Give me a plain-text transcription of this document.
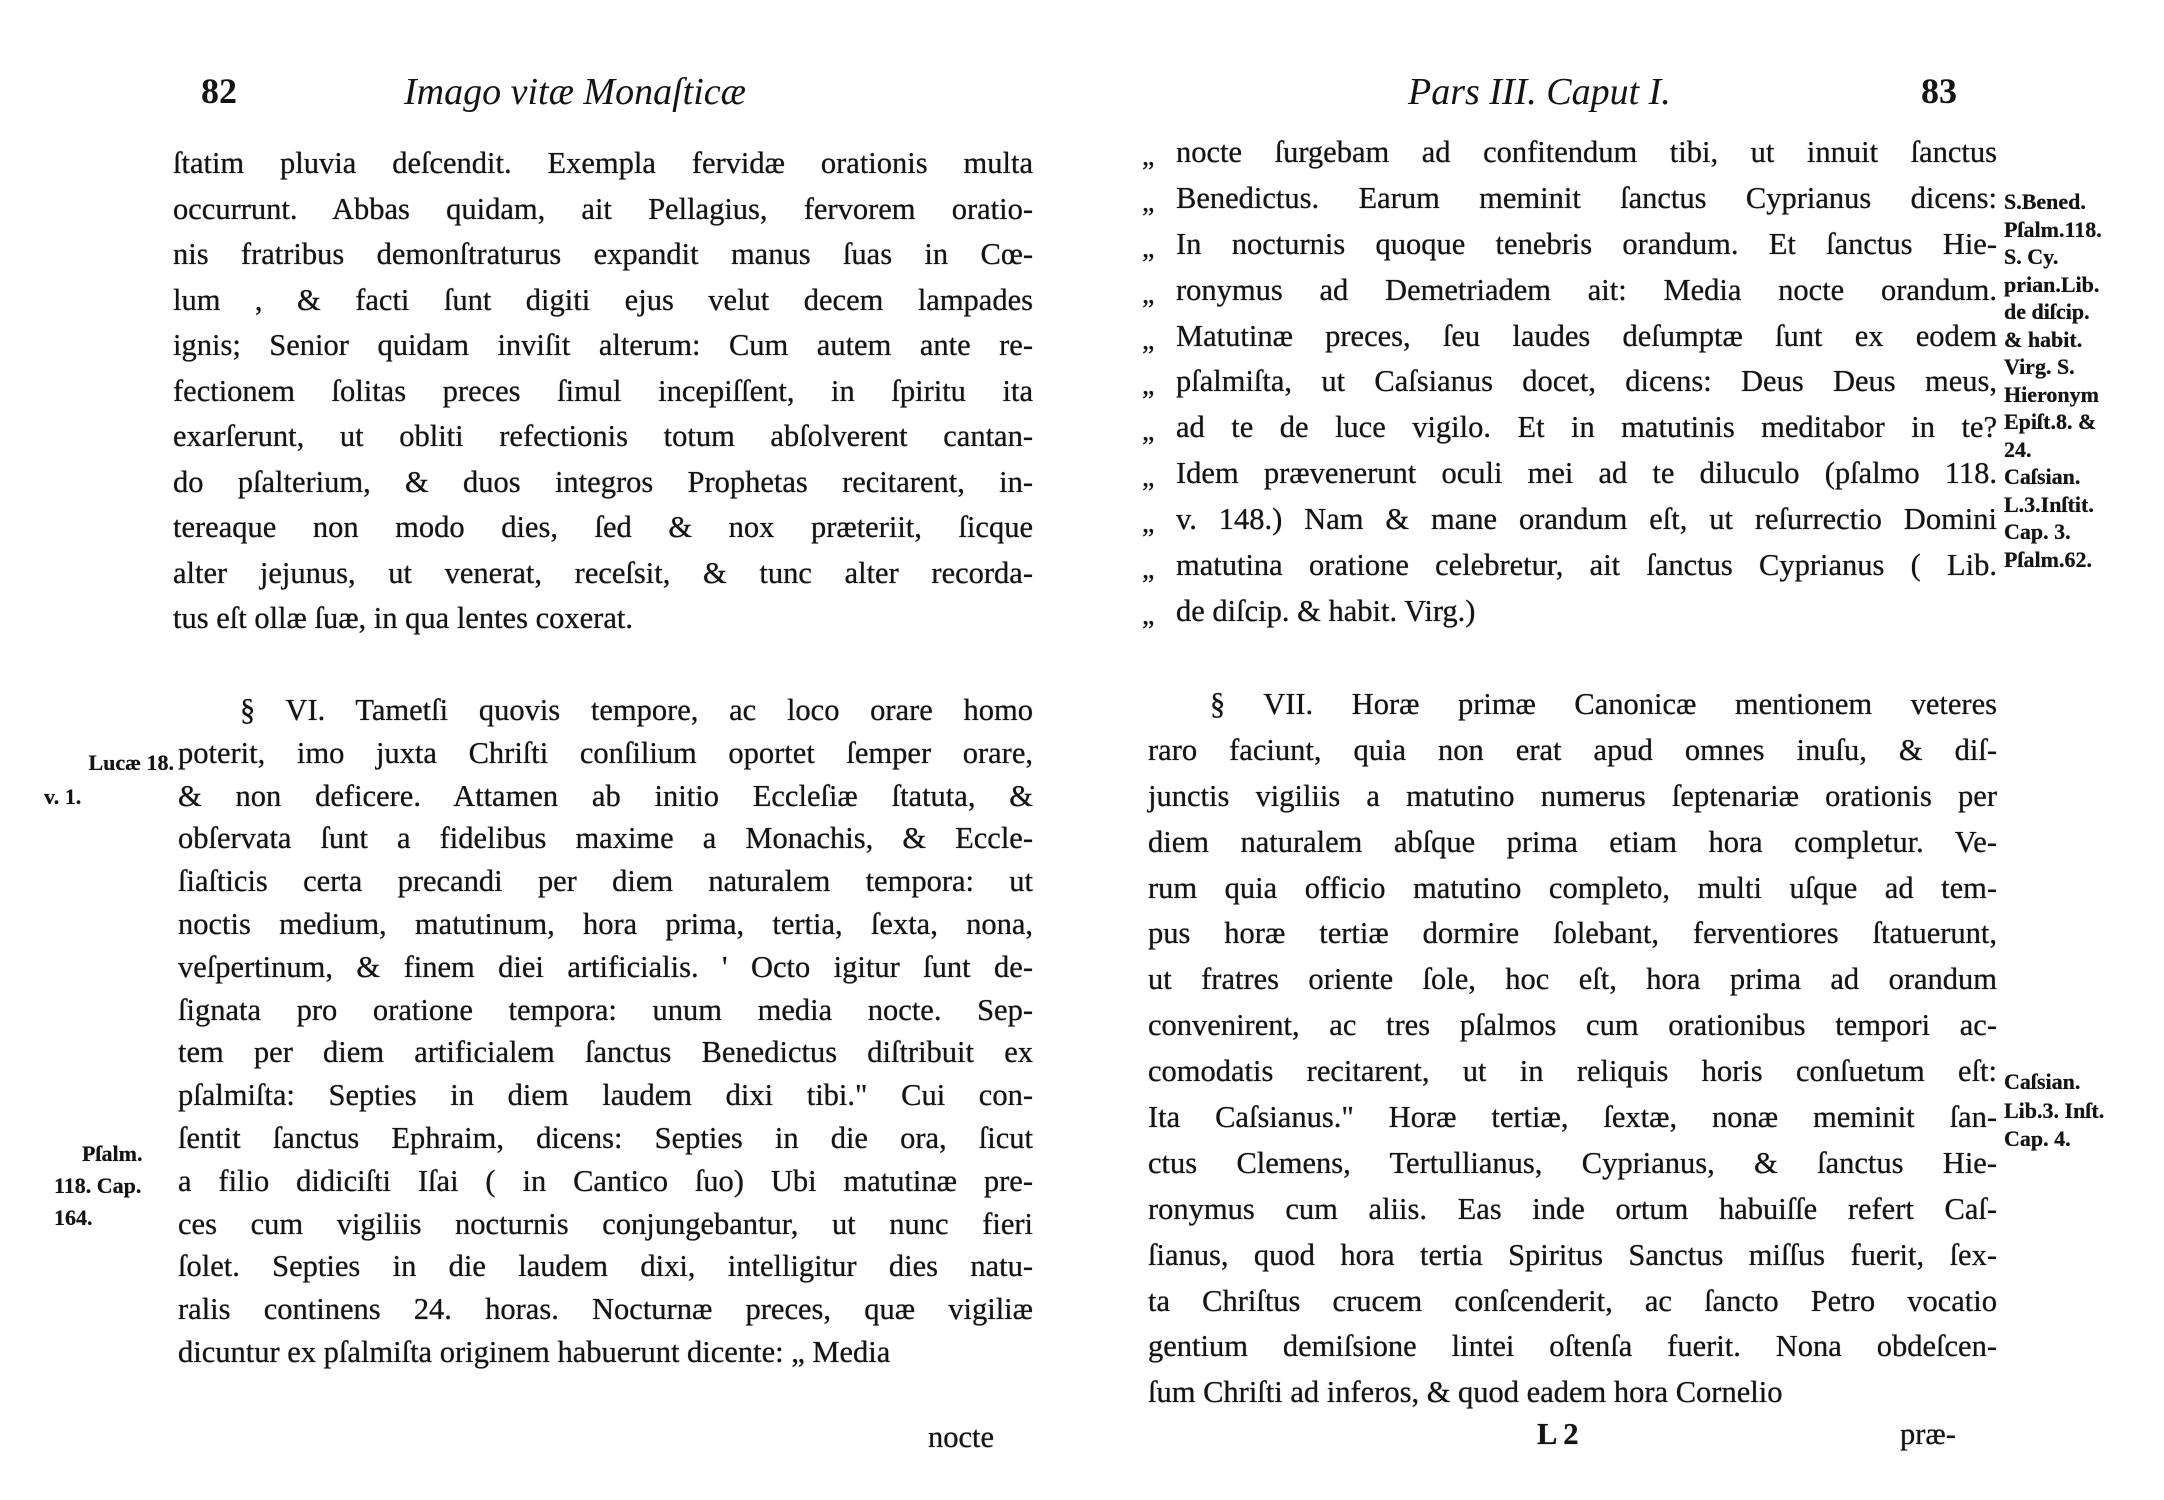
82	Imago vitæ Monaſticæ	Pars III. Caput I.	83
ſtatim pluvia deſcendit. Exempla fervidæ orationis multa
occurrunt. Abbas quidam, ait Pellagius, fervorem oratio-
nis fratribus demonſtraturus expandit manus ſuas in Cœ-
lum , & facti ſunt digiti ejus velut decem lampades
ignis; Senior quidam inviſit alterum: Cum autem ante re-
fectionem ſolitas preces ſimul incepiſſent, in ſpiritu ita
exarſerunt, ut obliti refectionis totum abſolverent cantan-
do pſalterium, & duos integros Prophetas recitarent, in-
tereaque non modo dies, ſed & nox præteriit, ſicque
alter jejunus, ut venerat, receſsit, & tunc alter recorda-
tus eſt ollæ ſuæ, in qua lentes coxerat.
§ VI. Tametſi quovis tempore, ac loco orare homo
poterit, imo juxta Chriſti conſilium oportet ſemper orare,
& non deficere. Attamen ab initio Eccleſiæ ſtatuta, &
obſervata ſunt a fidelibus maxime a Monachis, & Eccle-
ſiaſticis certa precandi per diem naturalem tempora: ut
noctis medium, matutinum, hora prima, tertia, ſexta, nona,
veſpertinum, & finem diei artificialis. ' Octo igitur ſunt de-
ſignata pro oratione tempora: unum media nocte. Sep-
tem per diem artificialem ſanctus Benedictus diſtribuit ex
pſalmiſta: Septies in diem laudem dixi tibi." Cui con-
ſentit ſanctus Ephraim, dicens: Septies in die ora, ſicut
a filio didiciſti Iſai ( in Cantico ſuo) Ubi matutinæ pre-
ces cum vigiliis nocturnis conjungebantur, ut nunc fieri
ſolet. Septies in die laudem dixi, intelligitur dies natu-
ralis continens 24. horas. Nocturnæ preces, quæ vigiliæ
dicuntur ex pſalmiſta originem habuerunt dicente: „ Media
nocte
Lucæ 18.
v. 1.
Pſalm.
118. Cap.
164.
„ nocte ſurgebam ad confitendum tibi, ut innuit ſanctus
„ Benedictus. Earum meminit ſanctus Cyprianus dicens:
„ In nocturnis quoque tenebris orandum. Et ſanctus Hie-
„ ronymus ad Demetriadem ait: Media nocte orandum.
„ Matutinæ preces, ſeu laudes deſumptæ ſunt ex eodem
„ pſalmiſta, ut Caſsianus docet, dicens: Deus Deus meus,
„ ad te de luce vigilo. Et in matutinis meditabor in te?
„ Idem prævenerunt oculi mei ad te diluculo (pſalmo 118.
„ v. 148.) Nam & mane orandum eſt, ut reſurrectio Domini
„ matutina oratione celebretur, ait ſanctus Cyprianus ( Lib.
„ de diſcip. & habit. Virg.)
§ VII. Horæ primæ Canonicæ mentionem veteres
raro faciunt, quia non erat apud omnes inuſu, & diſ-
junctis vigiliis a matutino numerus ſeptenariæ orationis per
diem naturalem abſque prima etiam hora completur. Ve-
rum quia officio matutino completo, multi uſque ad tem-
pus horæ tertiæ dormire ſolebant, ferventiores ſtatuerunt,
ut fratres oriente ſole, hoc eſt, hora prima ad orandum
convenirent, ac tres pſalmos cum orationibus tempori ac-
comodatis recitarent, ut in reliquis horis conſuetum eſt:
Ita Caſsianus." Horæ tertiæ, ſextæ, nonæ meminit ſan-
ctus Clemens, Tertullianus, Cyprianus, & ſanctus Hie-
ronymus cum aliis. Eas inde ortum habuiſſe refert Caſ-
ſianus, quod hora tertia Spiritus Sanctus miſſus fuerit, ſex-
ta Chriſtus crucem conſcenderit, ac ſancto Petro vocatio
gentium demiſsione lintei oſtenſa fuerit. Nona obdeſcen-
ſum Chriſti ad inferos, & quod eadem hora Cornelio
L 2	præ-
S.Bened.
Pſalm.118.
S. Cy.
prian.Lib.
de diſcip.
& habit.
Virg. S.
Hieronym
Epiſt.8. &
24.
Caſsian.
L.3.Inſtit.
Cap. 3.
Pſalm.62.
Caſsian.
Lib.3. Inſt.
Cap. 4.
